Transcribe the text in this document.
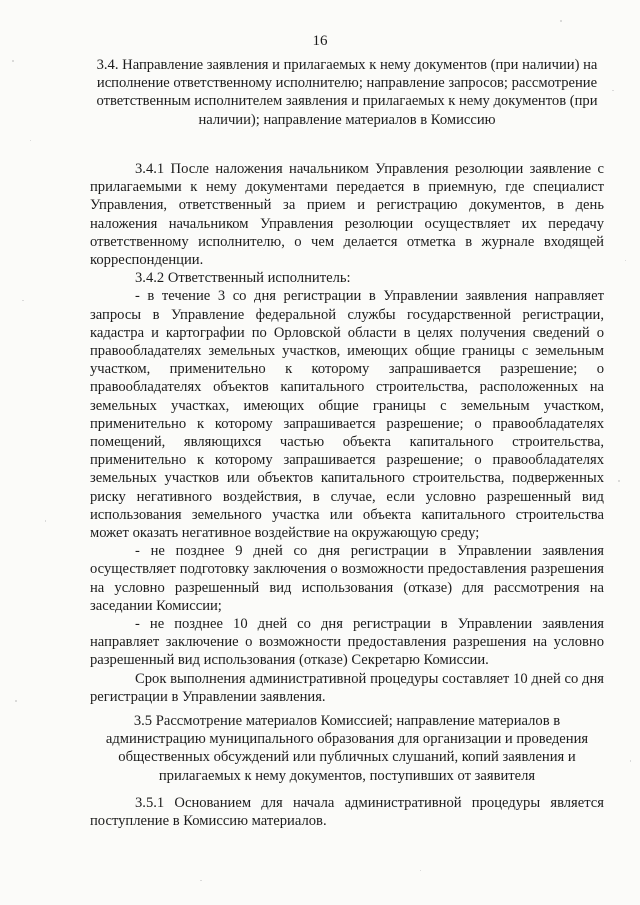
16
3.4. Направление заявления и прилагаемых к нему документов (при наличии) на исполнение ответственному исполнителю; направление запросов; рассмотрение ответственным исполнителем заявления и прилагаемых к нему документов (при наличии); направление материалов в Комиссию

3.4.1 После наложения начальником Управления резолюции заявление с прилагаемыми к нему документами передается в приемную, где специалист Управления, ответственный за прием и регистрацию документов, в день наложения начальником Управления резолюции осуществляет их передачу ответственному исполнителю, о чем делается отметка в журнале входящей корреспонденции.

3.4.2 Ответственный исполнитель:

- в течение 3 со дня регистрации в Управлении заявления направляет запросы в Управление федеральной службы государственной регистрации, кадастра и картографии по Орловской области в целях получения сведений о правообладателях земельных участков, имеющих общие границы с земельным участком, применительно к которому запрашивается разрешение; о правообладателях объектов капитального строительства, расположенных на земельных участках, имеющих общие границы с земельным участком, применительно к которому запрашивается разрешение; о правообладателях помещений, являющихся частью объекта капитального строительства, применительно к которому запрашивается разрешение; о правообладателях земельных участков или объектов капитального строительства, подверженных риску негативного воздействия, в случае, если условно разрешенный вид использования земельного участка или объекта капитального строительства может оказать негативное воздействие на окружающую среду;

- не позднее 9 дней со дня регистрации в Управлении заявления осуществляет подготовку заключения о возможности предоставления разрешения на условно разрешенный вид использования (отказе) для рассмотрения на заседании Комиссии;

- не позднее 10 дней со дня регистрации в Управлении заявления направляет заключение о возможности предоставления разрешения на условно разрешенный вид использования (отказе) Секретарю Комиссии.

Срок выполнения административной процедуры составляет 10 дней со дня регистрации в Управлении заявления.

3.5 Рассмотрение материалов Комиссией; направление материалов в администрацию муниципального образования для организации и проведения общественных обсуждений или публичных слушаний, копий заявления и прилагаемых к нему документов, поступивших от заявителя

3.5.1 Основанием для начала административной процедуры является поступление в Комиссию материалов.
